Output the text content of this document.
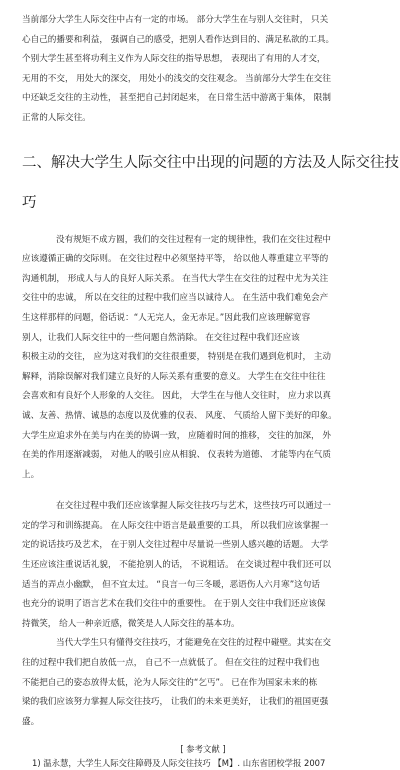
当前部分大学生人际交往中占有一定的市场。 部分大学生在与别人交往时， 只关
心自己的播要和利益， 强调自己的感受，把别人看作达到目的、满足私欲的工具。
个别大学生甚至将功利主义作为人际交往的指导思想， 表现出了有用的人才交，
无用的不交， 用处大的深交， 用处小的浅交的交往观念。 当前部分大学生在交往
中还缺乏交往的主动性， 甚至把自己封闭起来， 在日常生活中游离于集体， 限制
正常的人际交往。
二、解决大学生人际交往中出现的问题的方法及人际交往技
巧
没有规矩不成方圆，我们的交往过程有一定的规律性，我们在交往过程中
应该遵循正确的交际则。 在交往过程中必须坚持平等， 给以他人尊重建立平等的
沟通机制， 形成人与人的良好人际关系。 在当代大学生在交往的过程中尤为关注
交往中的忠诚， 所以在交往的过程中我们应当以诚待人。 在生活中我们难免会产
生这样那样的问题，俗话说：“人无完人，金无赤足。”因此我们应该理解宽容
别人，让我们人际交往中的一些问题自然消除。 在交往过程中我们还应该
积极主动的交往， 应为这对我们的交往很重要， 特别是在我们遇到危机时， 主动
解释，消除误解对我们建立良好的人际关系有重要的意义。 大学生在交往中往往
会喜欢和有良好个人形象的人交往。 因此， 大学生在与他人交往时， 应力求以真
诚、友善、热情、诚恳的态度以及优雅的仪表、 风度、 气质给人留下美好的印象。
大学生应追求外在美与内在美的协调一致， 应随着时间的推移， 交往的加深， 外
在美的作用逐渐减弱， 对他人的吸引应从相貌、 仪表转为道德、 才能等内在气质
上。
在交往过程中我们还应该掌握人际交往技巧与艺术，这些技巧可以通过一
定的学习和训练提高。 在人际交往中语言是最重要的工具， 所以我们应该掌握一
定的说话技巧及艺术， 在于别人交往过程中尽量说一些别人感兴趣的话题。 大学
生还应该注重说话礼貌， 不能抢别人的话， 不说粗话。 在交谈过程中我们还可以
适当的弄点小幽默， 但不宜太过。 “良言一句三冬暖，恶语伤人六月寒”这句话
也充分的说明了语言艺术在我们交往中的重要性。 在于别人交往中我们还应该保
持微笑， 给人一种亲近感，微笑是人人际交往的基本功。
当代大学生只有懂得交往技巧，才能避免在交往的过程中碰壁。其实在交
往的过程中我们把自放低一点， 自己不一点就低了。 但在交往的过程中我们也
不能把自己的姿态放得太低，沦为人际交往的“乞丐”。 已在作为国家未来的栋
梁的我们应该努力掌握人际交往技巧， 让我们的未来更美好， 让我们的祖国更强
盛。
[ 参考文献 ]
1) 温永慧，大学生人际交往障碍及人际交往技巧 【M】. 山东省团校学报 2007
